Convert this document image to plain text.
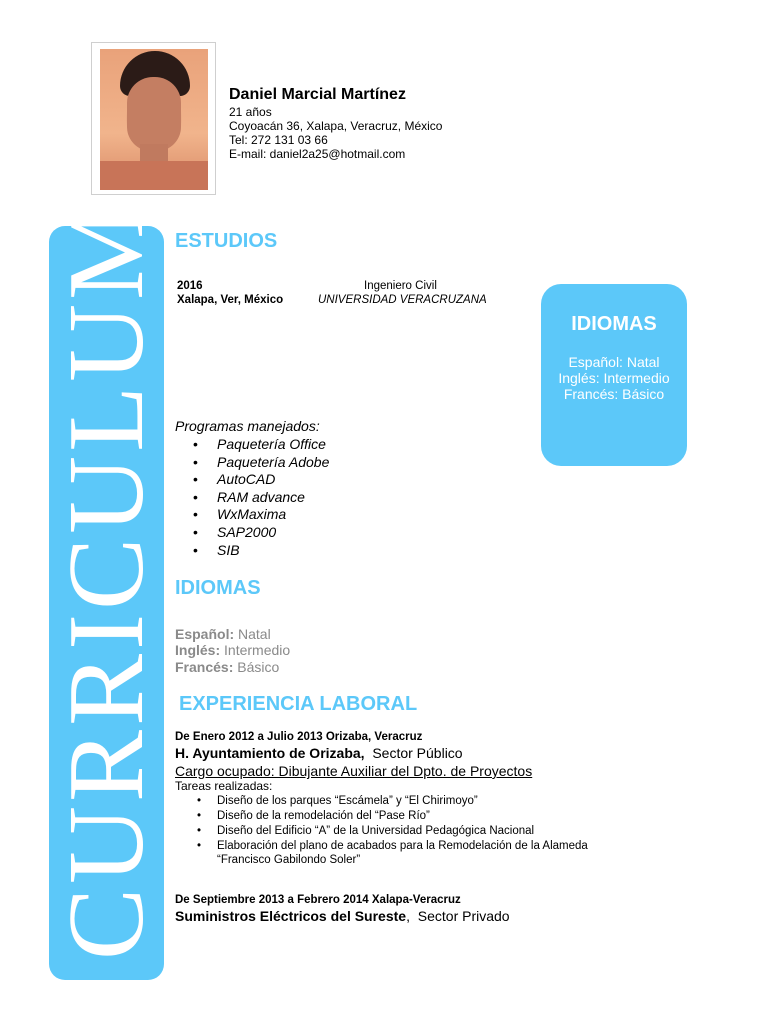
Daniel Marcial Martínez
21 años
Coyoacán 36, Xalapa, Veracruz, México
Tel: 272 131 03 66
E-mail: daniel2a25@hotmail.com
CURRICULUM ESTUDIOS
2016
Xalapa, Ver, México
Ingeniero Civil
UNIVERSIDAD VERACRUZANA
Programas manejados:
• Paquetería Office
• Paquetería Adobe
• AutoCAD
• RAM advance
• WxMaxima
• SAP2000
• SIB
IDIOMAS
Español: Natal
Inglés: Intermedio
Francés: Básico
IDIOMAS
Español: Natal
Inglés: Intermedio
Francés: Básico
EXPERIENCIA LABORAL
De Enero 2012 a Julio 2013 Orizaba, Veracruz
H. Ayuntamiento de Orizaba, Sector Público
Cargo ocupado: Dibujante Auxiliar del Dpto. de Proyectos
Tareas realizadas:
• Diseño de los parques “Escámela” y “El Chirimoyo”
• Diseño de la remodelación del “Pase Río”
• Diseño del Edificio “A” de la Universidad Pedagógica Nacional
• Elaboración del plano de acabados para la Remodelación de la Alameda
“Francisco Gabilondo Soler”
De Septiembre 2013 a Febrero 2014 Xalapa-Veracruz
Suministros Eléctricos del Sureste,  Sector Privado
